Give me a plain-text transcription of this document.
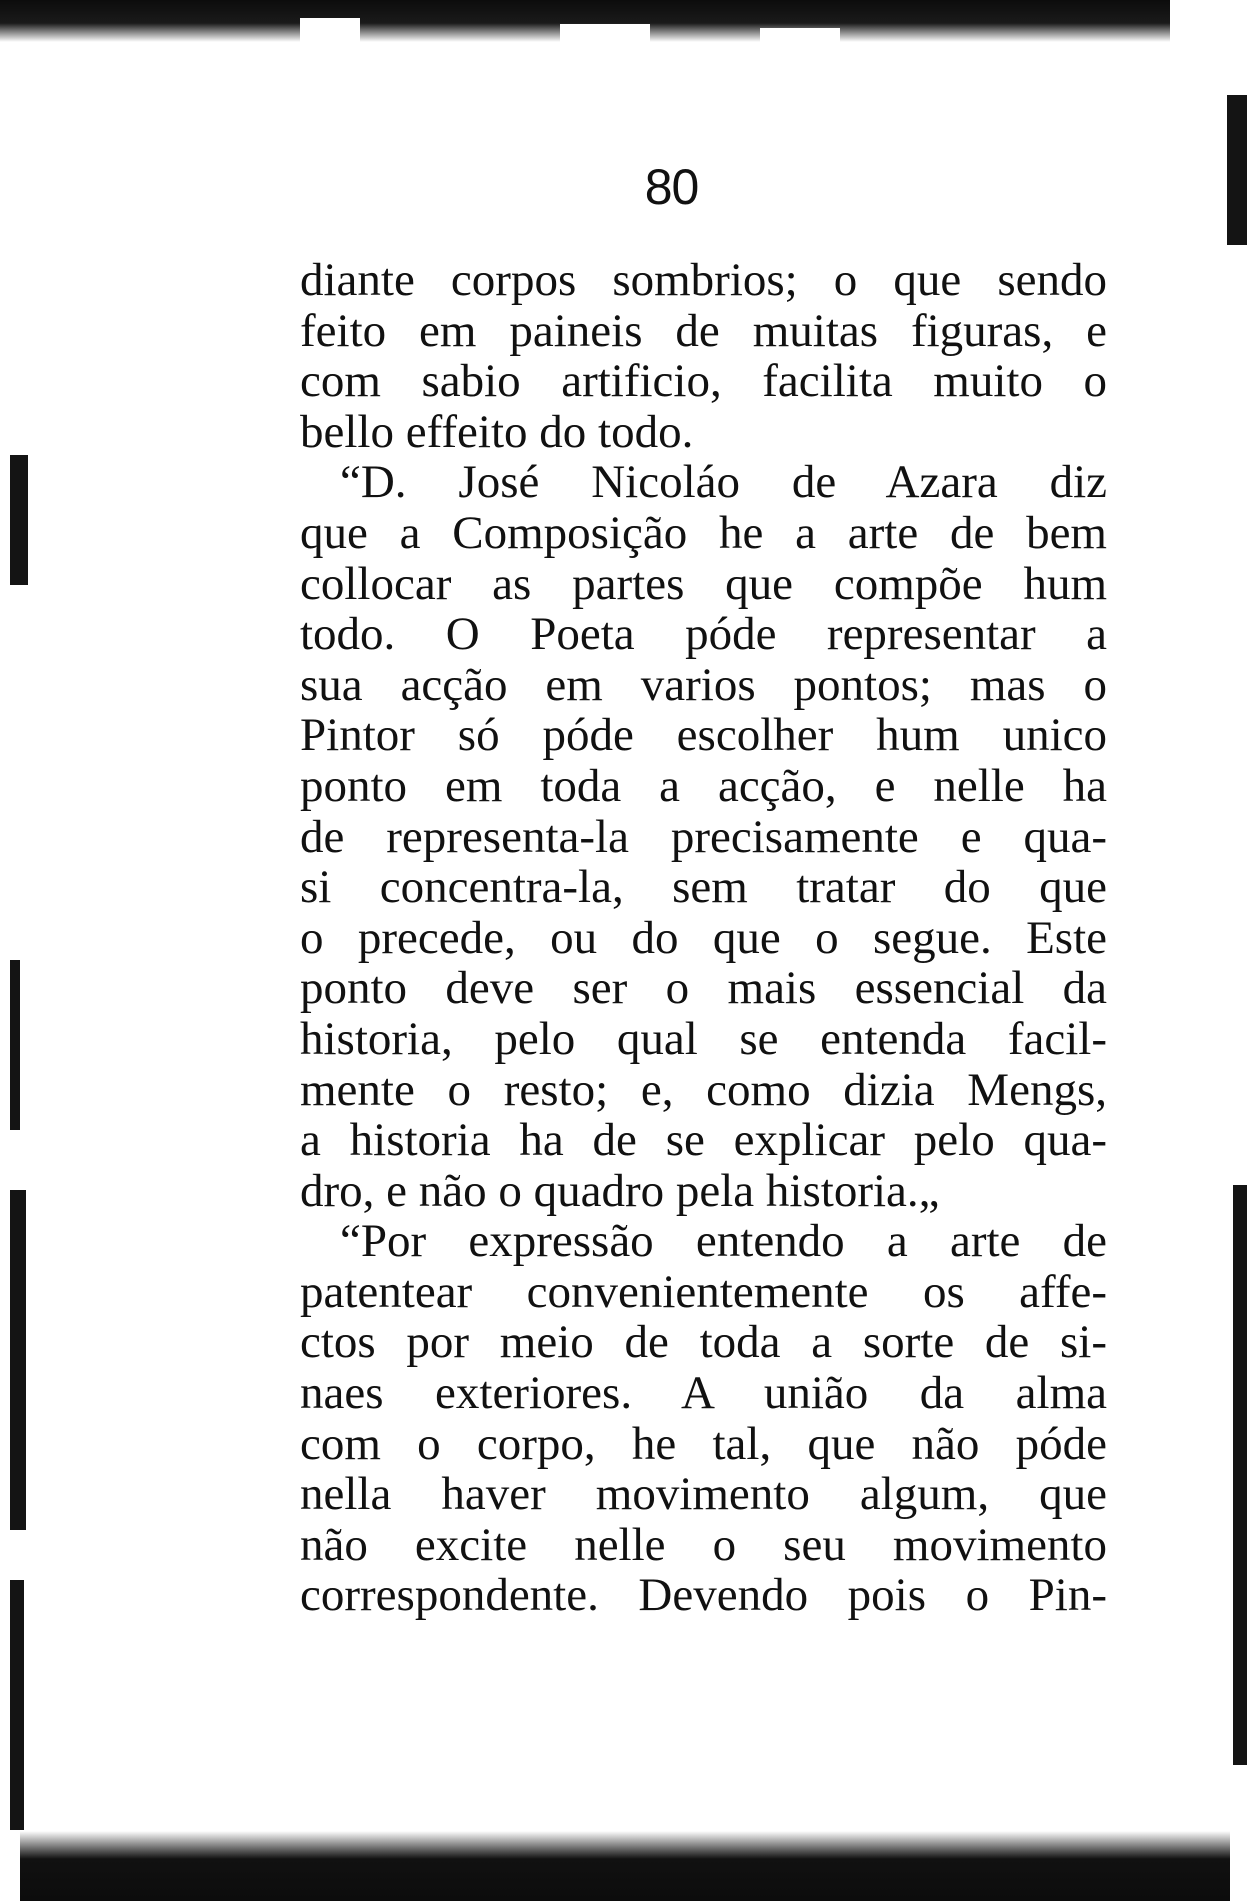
80
diante corpos sombrios; o que sendo
feito em paineis de muitas figuras, e
com sabio artificio, facilita muito o
bello effeito do todo.
“D. José Nicoláo de Azara diz
que a Composição he a arte de bem
collocar as partes que compõe hum
todo. O Poeta póde representar a
sua acção em varios pontos; mas o
Pintor só póde escolher hum unico
ponto em toda a acção, e nelle ha
de representa-la precisamente e qua-
si concentra-la, sem tratar do que
o precede, ou do que o segue. Este
ponto deve ser o mais essencial da
historia, pelo qual se entenda facil-
mente o resto; e, como dizia Mengs,
a historia ha de se explicar pelo qua-
dro, e não o quadro pela historia.„
“Por expressão entendo a arte de
patentear convenientemente os affe-
ctos por meio de toda a sorte de si-
naes exteriores. A união da alma
com o corpo, he tal, que não póde
nella haver movimento algum, que
não excite nelle o seu movimento
correspondente. Devendo pois o Pin-
